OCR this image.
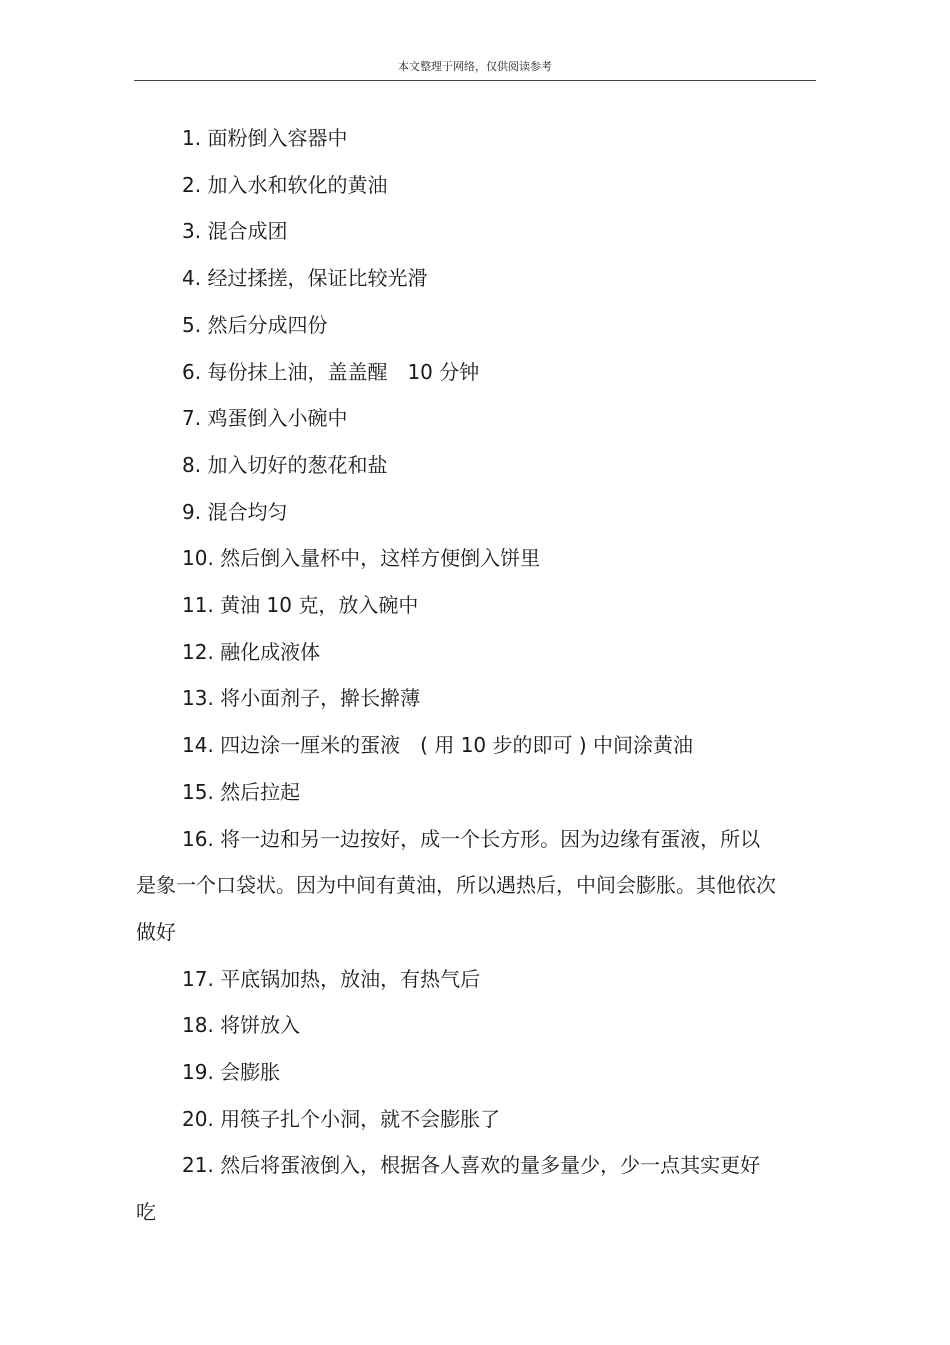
本文整理于网络，仅供阅读参考
1. 面粉倒入容器中
2. 加入水和软化的黄油
3. 混合成团
4. 经过揉搓，保证比较光滑
5. 然后分成四份
6. 每份抹上油，盖盖醒　10 分钟
7. 鸡蛋倒入小碗中
8. 加入切好的葱花和盐
9. 混合均匀
10. 然后倒入量杯中，这样方便倒入饼里
11. 黄油 10 克，放入碗中
12. 融化成液体
13. 将小面剂子，擀长擀薄
14. 四边涂一厘米的蛋液　( 用 10 步的即可 ) 中间涂黄油
15. 然后拉起
16. 将一边和另一边按好，成一个长方形。因为边缘有蛋液，所以是象一个口袋状。因为中间有黄油，所以遇热后，中间会膨胀。其他依次做好
17. 平底锅加热，放油，有热气后
18. 将饼放入
19. 会膨胀
20. 用筷子扎个小洞，就不会膨胀了
21. 然后将蛋液倒入，根据各人喜欢的量多量少，少一点其实更好吃
